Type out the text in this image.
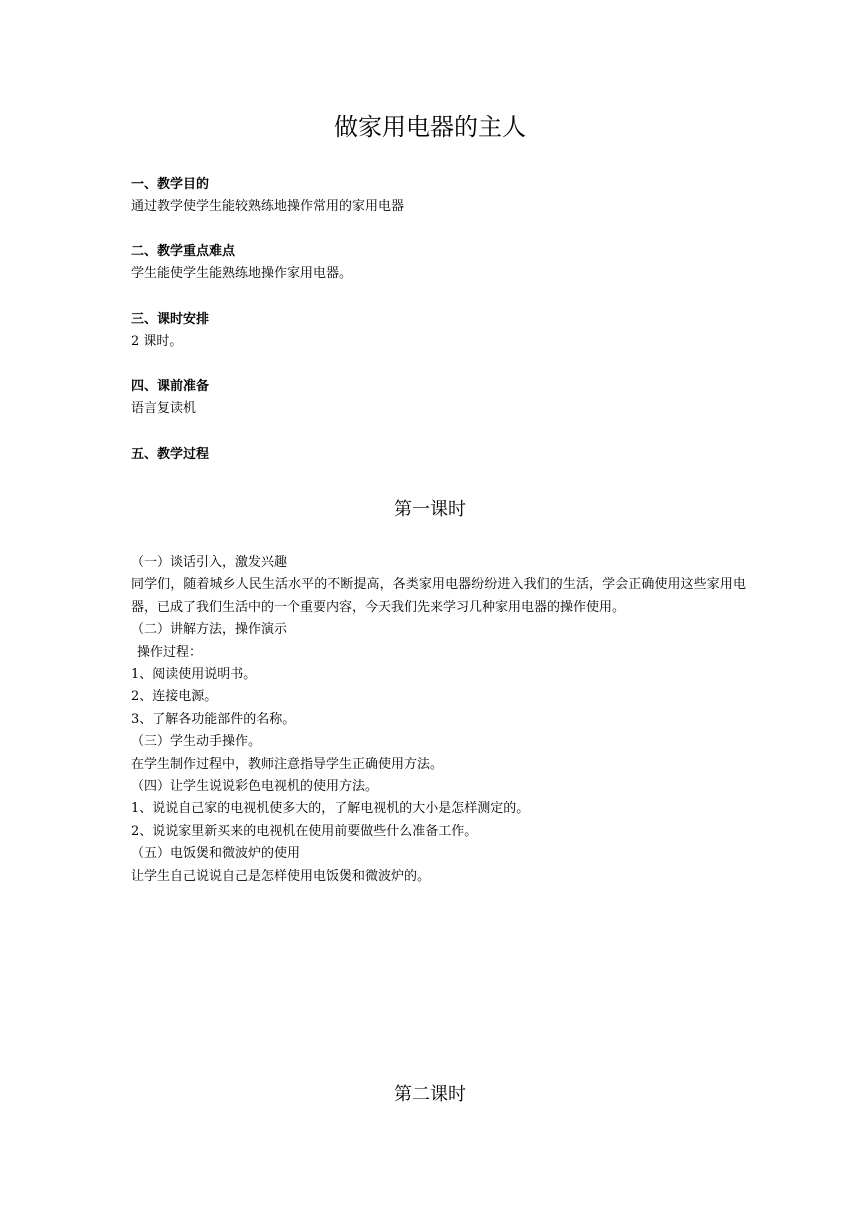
做家用电器的主人

一、教学目的

通过教学使学生能较熟练地操作常用的家用电器

二、教学重点难点

学生能使学生能熟练地操作家用电器。

三、课时安排

2 课时。

四、课前准备

语言复读机

五、教学过程

第一课时

（一）谈话引入，激发兴趣

同学们，随着城乡人民生活水平的不断提高，各类家用电器纷纷进入我们的生活，学会正确使用这些家用电器，已成了我们生活中的一个重要内容，今天我们先来学习几种家用电器的操作使用。

（二）讲解方法，操作演示

操作过程：

1、阅读使用说明书。

2、连接电源。

3、了解各功能部件的名称。

（三）学生动手操作。

在学生制作过程中，教师注意指导学生正确使用方法。

（四）让学生说说彩色电视机的使用方法。

1、说说自己家的电视机使多大的，了解电视机的大小是怎样测定的。

2、说说家里新买来的电视机在使用前要做些什么准备工作。

（五）电饭煲和微波炉的使用

让学生自己说说自己是怎样使用电饭煲和微波炉的。

第二课时
